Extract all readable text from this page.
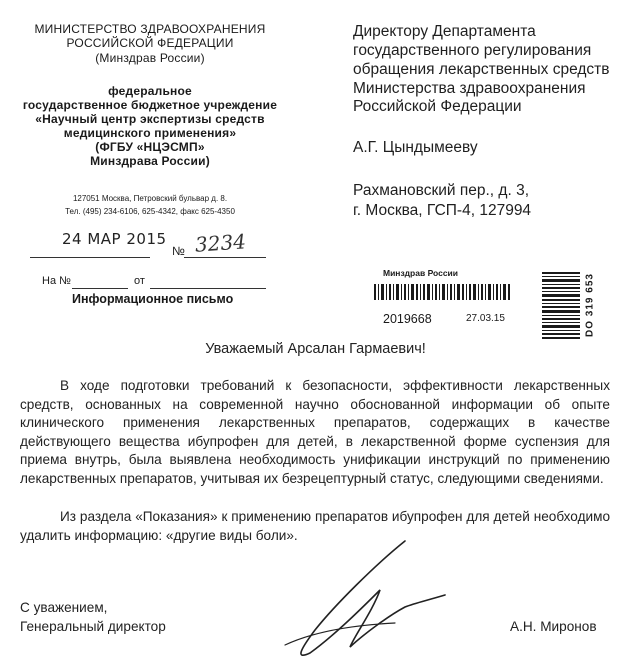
МИНИСТЕРСТВО ЗДРАВООХРАНЕНИЯ
РОССИЙСКОЙ ФЕДЕРАЦИИ
(Минздрав России)
федеральное
государственное бюджетное учреждение
«Научный центр экспертизы средств
медицинского применения»
(ФГБУ «НЦЭСМП»
Минздрава России)
127051 Москва, Петровский бульвар д. 8.
Тел. (495) 234-6106, 625-4342, факс 625-4350
24 МАР 2015
№ 3234
На №	от
Информационное письмо
Директору Департамента
государственного регулирования
обращения лекарственных средств
Министерства здравоохранения
Российской Федерации
А.Г. Цындымееву
Рахмановский пер., д. 3,
г. Москва, ГСП-4, 127994
Минздрав России
2019668	27.03.15	DO 319 653
Уважаемый Арсалан Гармаевич!
В ходе подготовки требований к безопасности, эффективности лекарственных средств, основанных на современной научно обоснованной информации об опыте клинического применения лекарственных препаратов, содержащих в качестве действующего вещества ибупрофен для детей, в лекарственной форме суспензия для приема внутрь, была выявлена необходимость унификации инструкций по применению лекарственных препаратов, учитывая их безрецептурный статус, следующими сведениями.
Из раздела «Показания» к применению препаратов ибупрофен для детей необходимо удалить информацию: «другие виды боли».
С уважением,
Генеральный директор	А.Н. Миронов
